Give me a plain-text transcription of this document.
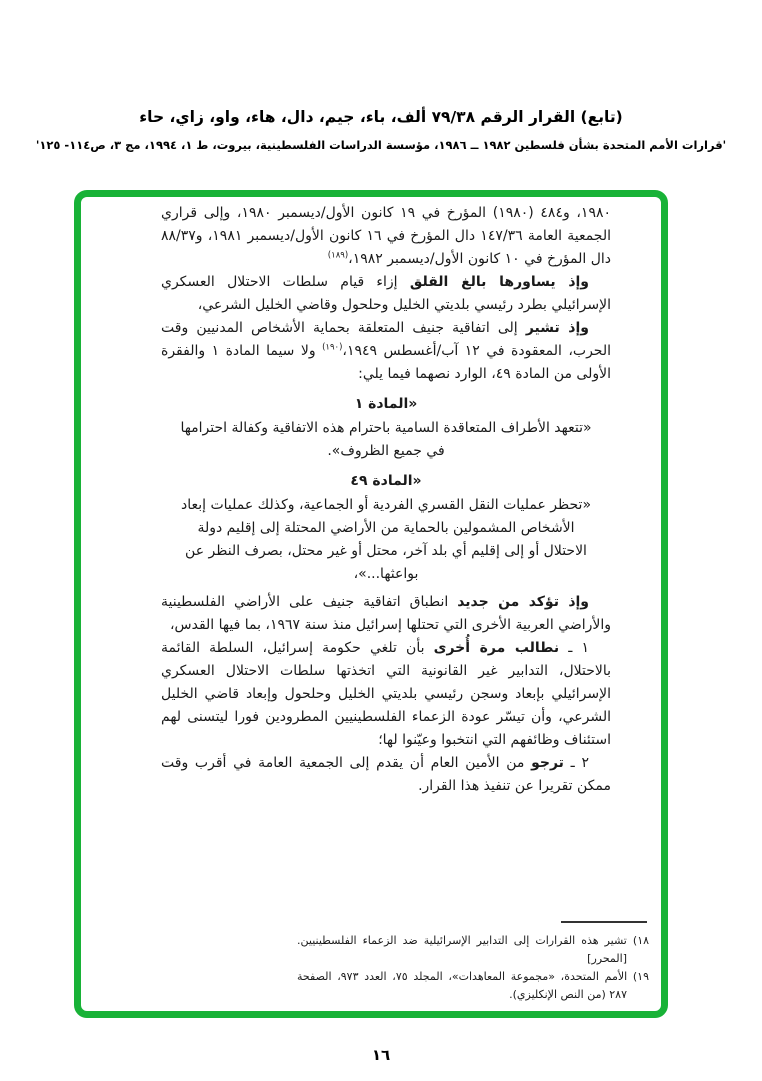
(تابع) القرار الرقم ٧٩/٣٨ ألف، باء، جيم، دال، هاء، واو، زاي، حاء
'قرارات الأمم المتحدة بشأن فلسطين ١٩٨٢ ــ ١٩٨٦، مؤسسة الدراسات الفلسطينية، بيروت، ط ١، ١٩٩٤، مج ٣، ص١١٤- ١٢٥'

١٩٨٠، و٤٨٤ (١٩٨٠) المؤرخ في ١٩ كانون الأول/ديسمبر ١٩٨٠، وإلى قراري الجمعية العامة ١٤٧/٣٦ دال المؤرخ في ١٦ كانون الأول/ديسمبر ١٩٨١، و٨٨/٣٧ دال المؤرخ في ١٠ كانون الأول/ديسمبر ١٩٨٢،$^{(١٨٩)}$

وإذ يساورها بالغ القلق إزاء قيام سلطات الاحتلال العسكري الإسرائيلي بطرد رئيسي بلديتي الخليل وحلحول وقاضي الخليل الشرعي،

وإذ تشير إلى اتفاقية جنيف المتعلقة بحماية الأشخاص المدنيين وقت الحرب، المعقودة في ١٢ آب/أغسطس ١٩٤٩،$^{(١٩٠)}$ ولا سيما المادة ١ والفقرة الأولى من المادة ٤٩، الوارد نصهما فيما يلي:

«المادة ١

«تتعهد الأطراف المتعاقدة السامية باحترام هذه الاتفاقية وكفالة احترامها في جميع الظروف».

«المادة ٤٩

«تحظر عمليات النقل القسري الفردية أو الجماعية، وكذلك عمليات إبعاد الأشخاص المشمولين بالحماية من الأراضي المحتلة إلى إقليم دولة الاحتلال أو إلى إقليم أي بلد آخر، محتل أو غير محتل، بصرف النظر عن بواعثها...»،

وإذ تؤكد من جديد انطباق اتفاقية جنيف على الأراضي الفلسطينية والأراضي العربية الأخرى التي تحتلها إسرائيل منذ سنة ١٩٦٧، بما فيها القدس،

١ ـ نطالب مرة أُخرى بأن تلغي حكومة إسرائيل، السلطة القائمة بالاحتلال، التدابير غير القانونية التي اتخذتها سلطات الاحتلال العسكري الإسرائيلي بإبعاد وسجن رئيسي بلديتي الخليل وحلحول وإبعاد قاضي الخليل الشرعي، وأن تيسّر عودة الزعماء الفلسطينيين المطرودين فورا ليتسنى لهم استئناف وظائفهم التي انتخبوا وعيّنوا لها؛

٢ ـ ترجو من الأمين العام أن يقدم إلى الجمعية العامة في أقرب وقت ممكن تقريرا عن تنفيذ هذا القرار.

١٨) تشير هذه القرارات إلى التدابير الإسرائيلية ضد الزعماء الفلسطينيين. [المحرر]

١٩) الأمم المتحدة، «مجموعة المعاهدات»، المجلد ٧٥، العدد ٩٧٣، الصفحة ٢٨٧ (من النص الإنكليزي).

١٦
